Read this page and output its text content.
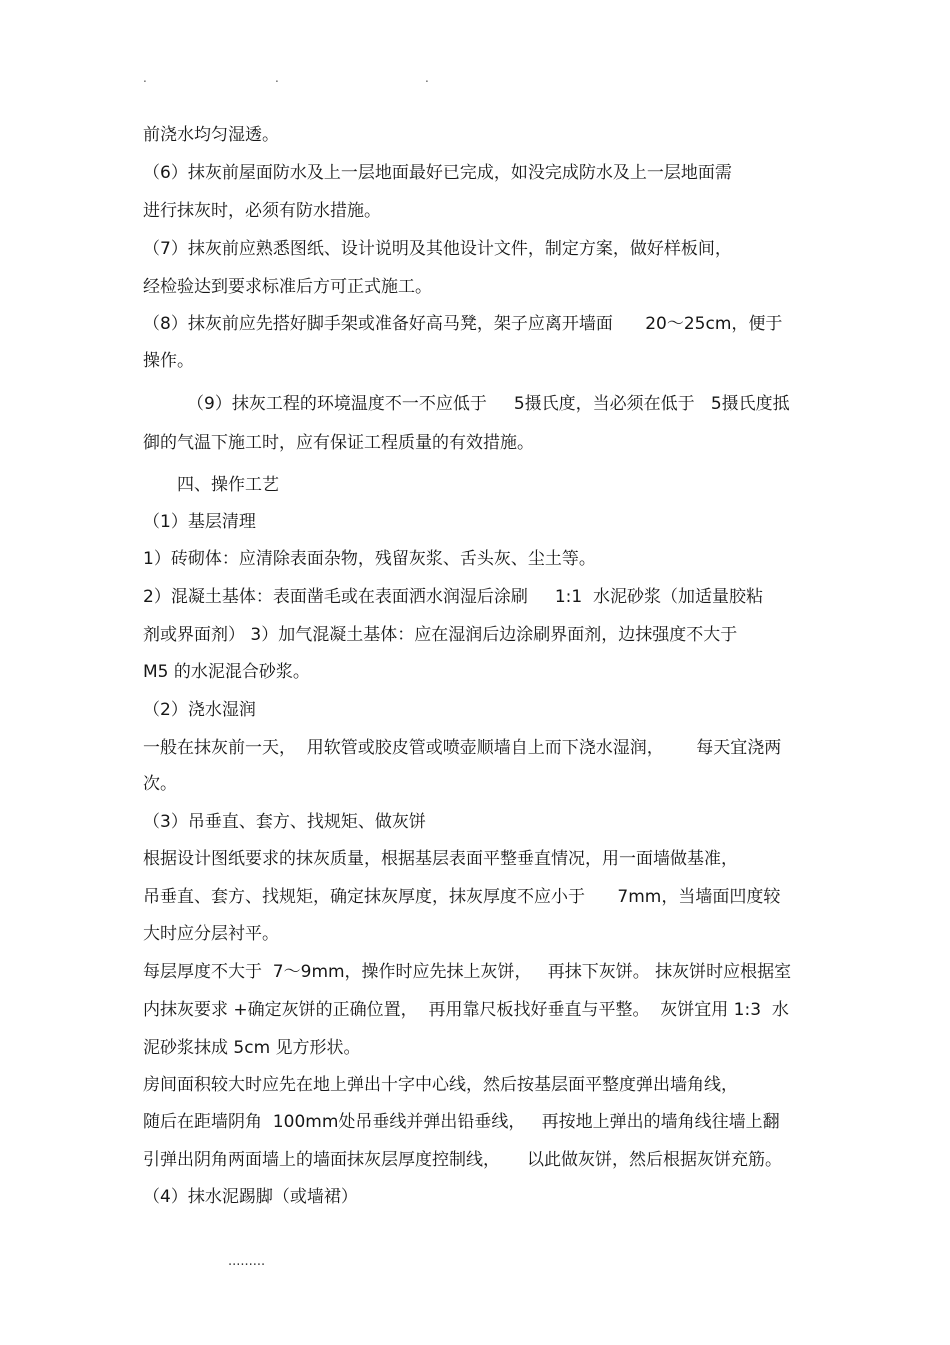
.	.	.
前浇水均匀湿透。
（6）抹灰前屋面防水及上一层地面最好已完成，如没完成防水及上一层地面需
进行抹灰时，必须有防水措施。
（7）抹灰前应熟悉图纸、设计说明及其他设计文件，制定方案，做好样板间，
经检验达到要求标准后方可正式施工。
（8）抹灰前应先搭好脚手架或准备好高马凳，架子应离开墙面      20～25cm，便于
操作。
（9）抹灰工程的环境温度不一不应低于     5摄氏度，当必须在低于   5摄氏度抵
御的气温下施工时，应有保证工程质量的有效措施。
四、操作工艺
（1）基层清理
1）砖砌体：应清除表面杂物，残留灰浆、舌头灰、尘土等。
2）混凝土基体：表面凿毛或在表面洒水润湿后涂刷     1:1  水泥砂浆（加适量胶粘
剂或界面剂） 3）加气混凝土基体：应在湿润后边涂刷界面剂，边抹强度不大于
M5 的水泥混合砂浆。
（2）浇水湿润
一般在抹灰前一天，  用软管或胶皮管或喷壶顺墙自上而下浇水湿润，      每天宜浇两
次。
（3）吊垂直、套方、找规矩、做灰饼
根据设计图纸要求的抹灰质量，根据基层表面平整垂直情况，用一面墙做基准，
吊垂直、套方、找规矩，确定抹灰厚度，抹灰厚度不应小于      7mm，当墙面凹度较
大时应分层衬平。
每层厚度不大于  7～9mm，操作时应先抹上灰饼，   再抹下灰饼。 抹灰饼时应根据室
内抹灰要求 +确定灰饼的正确位置，  再用靠尺板找好垂直与平整。  灰饼宜用 1:3  水
泥砂浆抹成 5cm 见方形状。
房间面积较大时应先在地上弹出十字中心线，然后按基层面平整度弹出墙角线，
随后在距墙阴角  100mm处吊垂线并弹出铅垂线，   再按地上弹出的墙角线往墙上翻
引弹出阴角两面墙上的墙面抹灰层厚度控制线，     以此做灰饼，然后根据灰饼充筋。
（4）抹水泥踢脚（或墙裙）
.........
